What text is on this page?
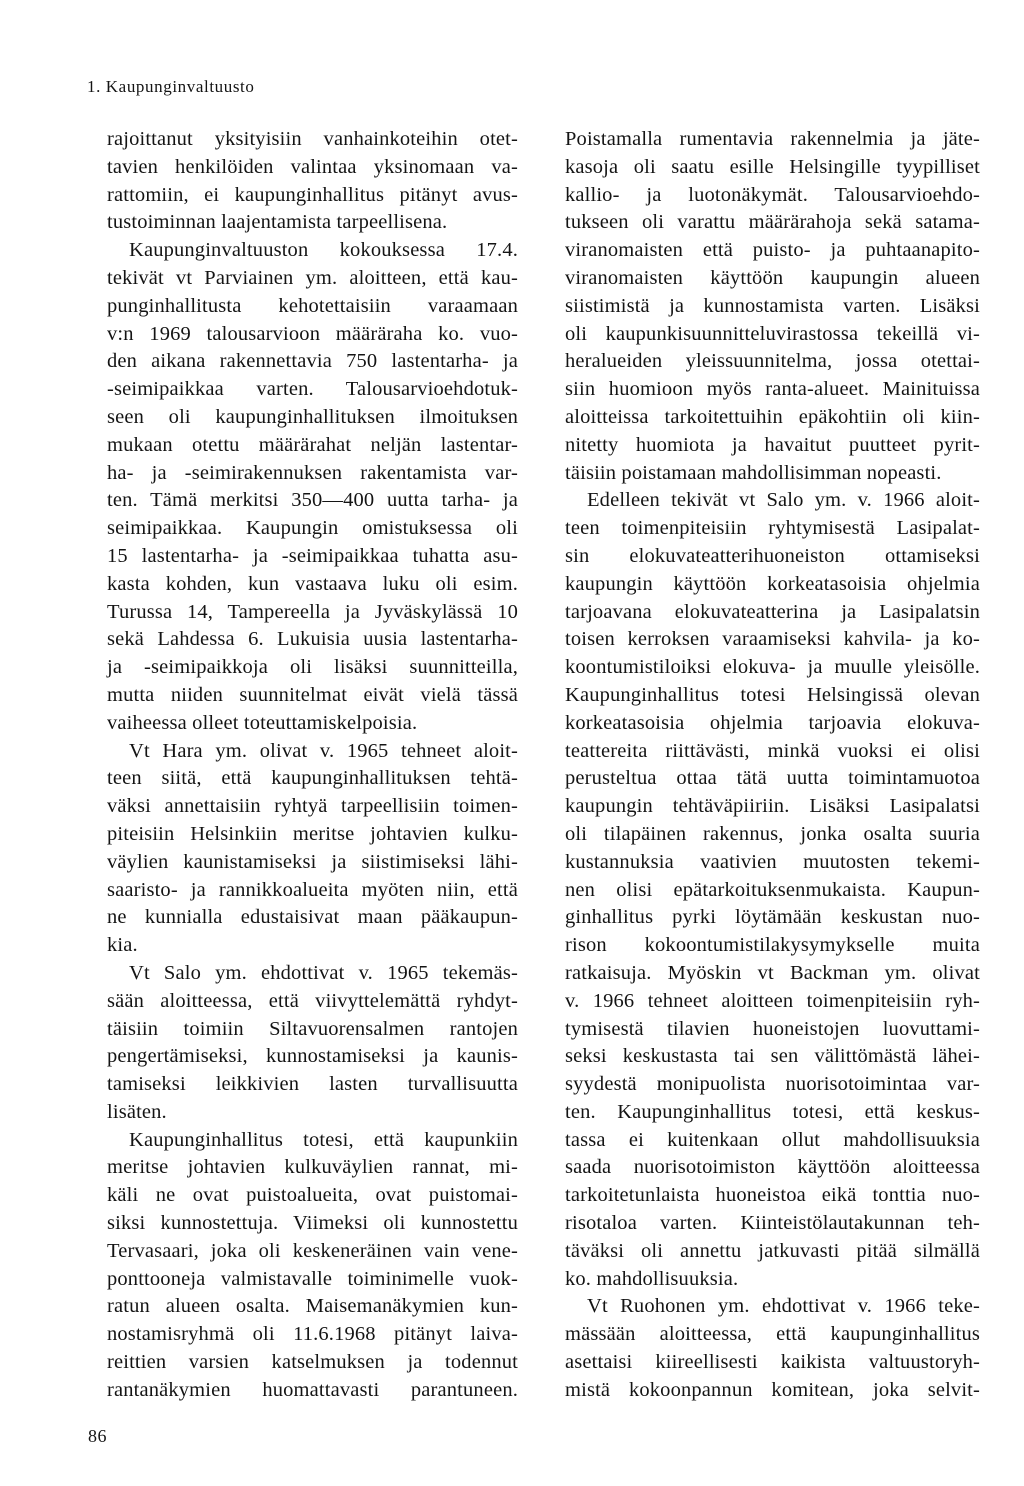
1. Kaupunginvaltuusto
rajoittanut yksityisiin vanhainkoteihin otet-
tavien henkilöiden valintaa yksinomaan va-
rattomiin, ei kaupunginhallitus pitänyt avus-
tustoiminnan laajentamista tarpeellisena.
Kaupunginvaltuuston kokouksessa 17.4.
tekivät vt Parviainen ym. aloitteen, että kau-
punginhallitusta kehotettaisiin varaamaan
v:n 1969 talousarvioon määräraha ko. vuo-
den aikana rakennettavia 750 lastentarha- ja
-seimipaikkaa varten. Talousarvioehdotuk-
seen oli kaupunginhallituksen ilmoituksen
mukaan otettu määrärahat neljän lastentar-
ha- ja -seimirakennuksen rakentamista var-
ten. Tämä merkitsi 350—400 uutta tarha- ja
seimipaikkaa. Kaupungin omistuksessa oli
15 lastentarha- ja -seimipaikkaa tuhatta asu-
kasta kohden, kun vastaava luku oli esim.
Turussa 14, Tampereella ja Jyväskylässä 10
sekä Lahdessa 6. Lukuisia uusia lastentarha-
ja -seimipaikkoja oli lisäksi suunnitteilla,
mutta niiden suunnitelmat eivät vielä tässä
vaiheessa olleet toteuttamiskelpoisia.
Vt Hara ym. olivat v. 1965 tehneet aloit-
teen siitä, että kaupunginhallituksen tehtä-
väksi annettaisiin ryhtyä tarpeellisiin toimen-
piteisiin Helsinkiin meritse johtavien kulku-
väylien kaunistamiseksi ja siistimiseksi lähi-
saaristo- ja rannikkoalueita myöten niin, että
ne kunnialla edustaisivat maan pääkaupun-
kia.
Vt Salo ym. ehdottivat v. 1965 tekemäs-
sään aloitteessa, että viivyttelemättä ryhdyt-
täisiin toimiin Siltavuorensalmen rantojen
pengertämiseksi, kunnostamiseksi ja kaunis-
tamiseksi leikkivien lasten turvallisuutta
lisäten.
Kaupunginhallitus totesi, että kaupunkiin
meritse johtavien kulkuväylien rannat, mi-
käli ne ovat puistoalueita, ovat puistomai-
siksi kunnostettuja. Viimeksi oli kunnostettu
Tervasaari, joka oli keskeneräinen vain vene-
ponttooneja valmistavalle toiminimelle vuok-
ratun alueen osalta. Maisemanäkymien kun-
nostamisryhmä oli 11.6.1968 pitänyt laiva-
reittien varsien katselmuksen ja todennut
rantanäkymien huomattavasti parantuneen.
Poistamalla rumentavia rakennelmia ja jäte-
kasoja oli saatu esille Helsingille tyypilliset
kallio- ja luotonäkymät. Talousarvioehdo-
tukseen oli varattu määrärahoja sekä satama-
viranomaisten että puisto- ja puhtaanapito-
viranomaisten käyttöön kaupungin alueen
siistimistä ja kunnostamista varten. Lisäksi
oli kaupunkisuunnitteluvirastossa tekeillä vi-
heralueiden yleissuunnitelma, jossa otettai-
siin huomioon myös ranta-alueet. Mainituissa
aloitteissa tarkoitettuihin epäkohtiin oli kiin-
nitetty huomiota ja havaitut puutteet pyrit-
täisiin poistamaan mahdollisimman nopeasti.
Edelleen tekivät vt Salo ym. v. 1966 aloit-
teen toimenpiteisiin ryhtymisestä Lasipalat-
sin elokuvateatterihuoneiston ottamiseksi
kaupungin käyttöön korkeatasoisia ohjelmia
tarjoavana elokuvateatterina ja Lasipalatsin
toisen kerroksen varaamiseksi kahvila- ja ko-
koontumistiloiksi elokuva- ja muulle yleisölle.
Kaupunginhallitus totesi Helsingissä olevan
korkeatasoisia ohjelmia tarjoavia elokuva-
teattereita riittävästi, minkä vuoksi ei olisi
perusteltua ottaa tätä uutta toimintamuotoa
kaupungin tehtäväpiiriin. Lisäksi Lasipalatsi
oli tilapäinen rakennus, jonka osalta suuria
kustannuksia vaativien muutosten tekemi-
nen olisi epätarkoituksenmukaista. Kaupun-
ginhallitus pyrki löytämään keskustan nuo-
rison kokoontumistilakysymykselle muita
ratkaisuja. Myöskin vt Backman ym. olivat
v. 1966 tehneet aloitteen toimenpiteisiin ryh-
tymisestä tilavien huoneistojen luovuttami-
seksi keskustasta tai sen välittömästä lähei-
syydestä monipuolista nuorisotoimintaa var-
ten. Kaupunginhallitus totesi, että keskus-
tassa ei kuitenkaan ollut mahdollisuuksia
saada nuorisotoimiston käyttöön aloitteessa
tarkoitetunlaista huoneistoa eikä tonttia nuo-
risotaloa varten. Kiinteistölautakunnan teh-
täväksi oli annettu jatkuvasti pitää silmällä
ko. mahdollisuuksia.
Vt Ruohonen ym. ehdottivat v. 1966 teke-
mässään aloitteessa, että kaupunginhallitus
asettaisi kiireellisesti kaikista valtuustoryh-
mistä kokoonpannun komitean, joka selvit-
86
